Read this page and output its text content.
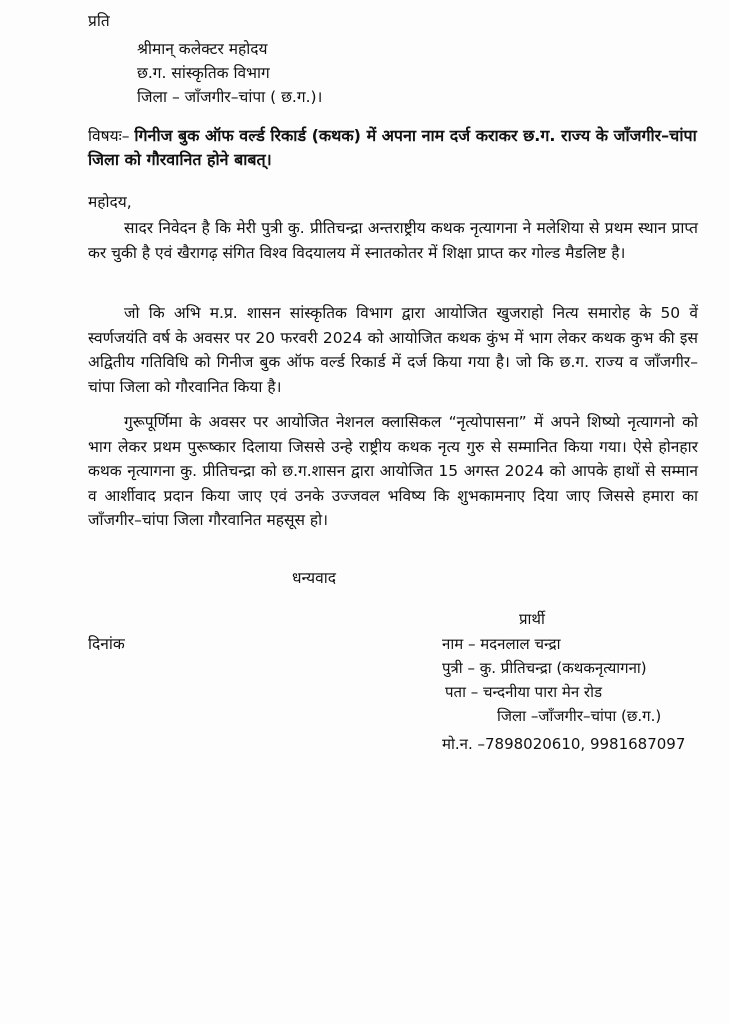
प्रति

श्रीमान् कलेक्टर महोदय

छ.ग. सांस्कृतिक विभाग

जिला – जाँजगीर–चांपा ( छ.ग.)।

विषयः– गिनीज बुक ऑफ वर्ल्ड रिकार्ड (कथक) में अपना नाम दर्ज कराकर छ.ग. राज्य के जाँजगीर–चांपा जिला को गौरवानित होने बाबत्।

महोदय,

सादर निवेदन है कि मेरी पुत्री कु. प्रीतिचन्द्रा अन्तराष्ट्रीय कथक नृत्यागना ने मलेशिया से प्रथम स्थान प्राप्त कर चुकी है एवं खैरागढ़ संगित विश्व विदयालय में स्नातकोतर में शिक्षा प्राप्त कर गोल्ड मैडलिष्ट है।

जो कि अभि म.प्र. शासन सांस्कृतिक विभाग द्वारा आयोजित खुजराहो नित्य समारोह के 50 वें स्वर्णजयंति वर्ष के अवसर पर 20 फरवरी 2024 को आयोजित कथक कुंभ में भाग लेकर कथक कुभ की इस अद्वितीय गतिविधि को गिनीज बुक ऑफ वर्ल्ड रिकार्ड में दर्ज किया गया है। जो कि छ.ग. राज्य व जाँजगीर–चांपा जिला को गौरवानित किया है।

गुरूपूर्णिमा के अवसर पर आयोजित नेशनल क्लासिकल “नृत्योपासना” में अपने शिष्यो नृत्यागनो को भाग लेकर प्रथम पुरूष्कार दिलाया जिससे उन्हे राष्ट्रीय कथक नृत्य गुरु से सम्मानित किया गया। ऐसे होनहार कथक नृत्यागना कु. प्रीतिचन्द्रा को छ.ग.शासन द्वारा आयोजित 15 अगस्त 2024 को आपके हाथों से सम्मान व आर्शीवाद प्रदान किया जाए एवं उनके उज्जवल भविष्य कि शुभकामनाए दिया जाए जिससे हमारा का जाँजगीर–चांपा जिला गौरवानित महसूस हो।

धन्यवाद

दिनांक

प्रार्थी

नाम – मदनलाल चन्द्रा

पुत्री – कु. प्रीतिचन्द्रा (कथकनृत्यागना)

पता – चन्दनीया पारा मेन रोड

जिला –जाँजगीर–चांपा (छ.ग.)

मो.न. –7898020610, 9981687097
